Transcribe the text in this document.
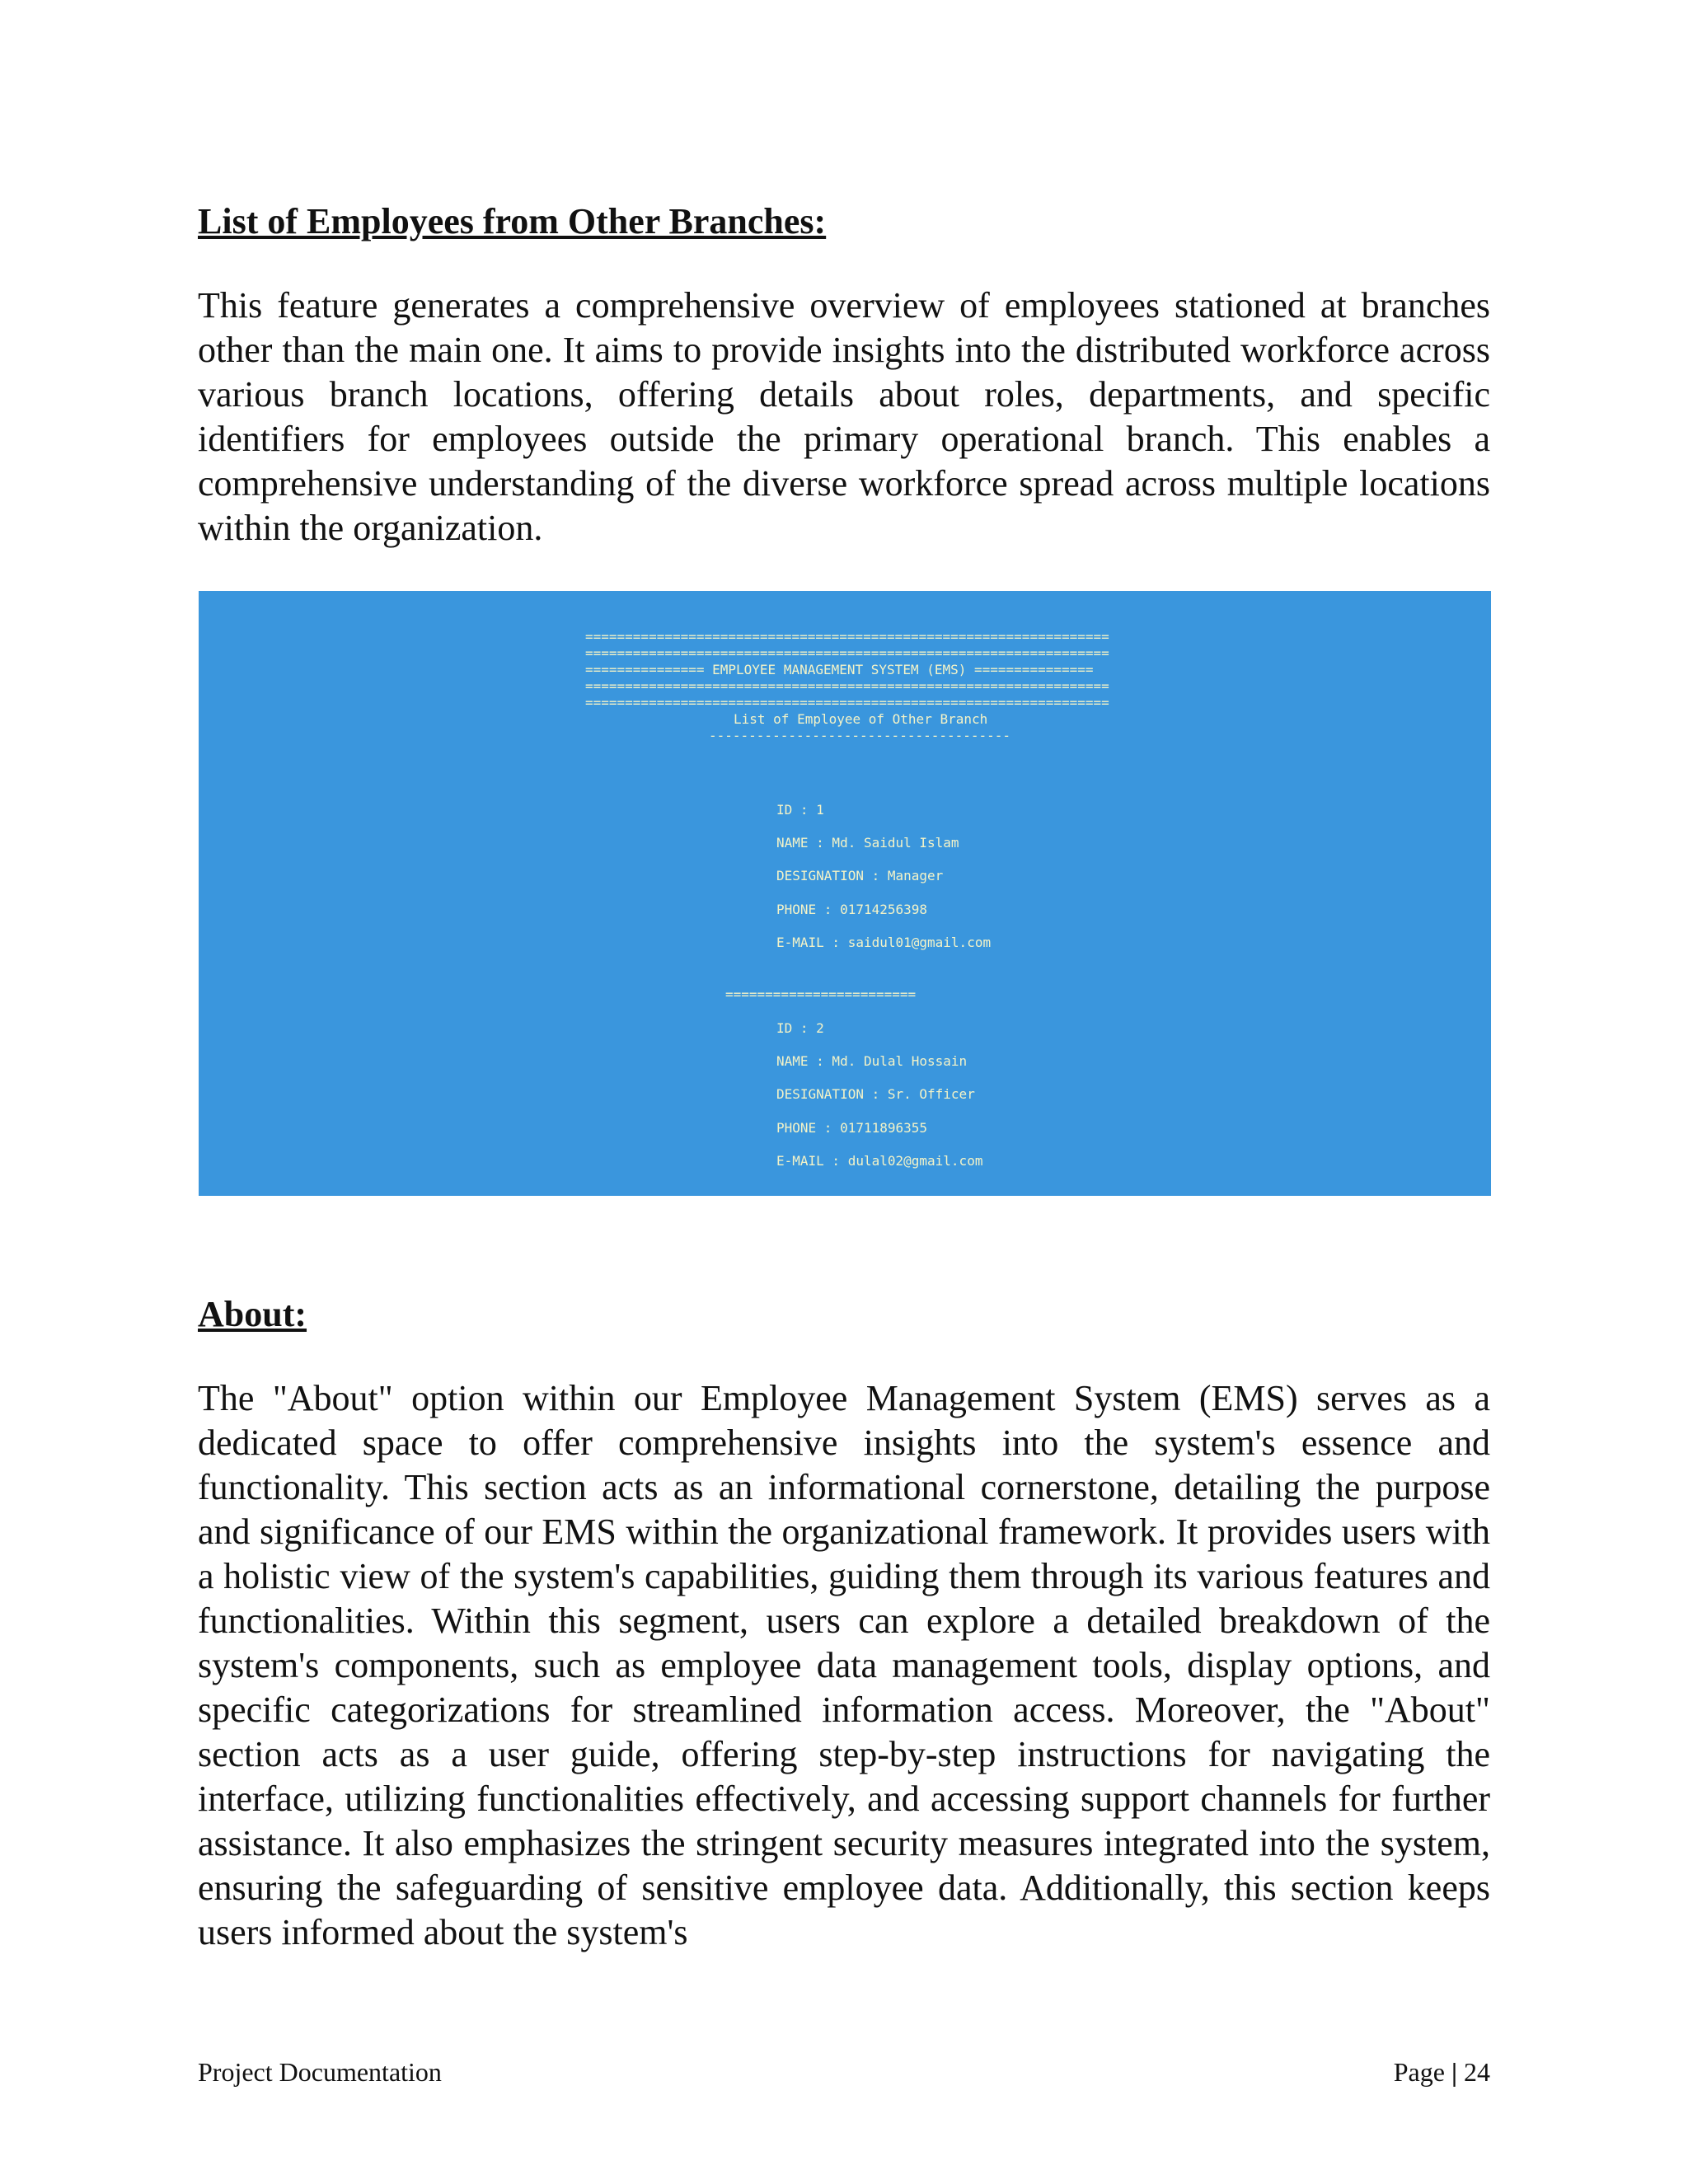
List of Employees from Other Branches:

This feature generates a comprehensive overview of employees stationed at branches other than the main one. It aims to provide insights into the distributed workforce across various branch locations, offering details about roles, departments, and specific identifiers for employees outside the primary operational branch. This enables a comprehensive understanding of the diverse workforce spread across multiple locations within the organization.

==================================================================
==================================================================
=============== EMPLOYEE MANAGEMENT SYSTEM (EMS) ===============
==================================================================
==================================================================
List of Employee of Other Branch
--------------------------------------
ID : 1
NAME : Md. Saidul Islam
DESIGNATION : Manager
PHONE : 01714256398
E-MAIL : saidul01@gmail.com
========================
ID : 2
NAME : Md. Dulal Hossain
DESIGNATION : Sr. Officer
PHONE : 01711896355
E-MAIL : dulal02@gmail.com
About:

The "About" option within our Employee Management System (EMS) serves as a dedicated space to offer comprehensive insights into the system's essence and functionality. This section acts as an informational cornerstone, detailing the purpose and significance of our EMS within the organizational framework. It provides users with a holistic view of the system's capabilities, guiding them through its various features and functionalities. Within this segment, users can explore a detailed breakdown of the system's components, such as employee data management tools, display options, and specific categorizations for streamlined information access. Moreover, the "About" section acts as a user guide, offering step-by-step instructions for navigating the interface, utilizing functionalities effectively, and accessing support channels for further assistance. It also emphasizes the stringent security measures integrated into the system, ensuring the safeguarding of sensitive employee data. Additionally, this section keeps users informed about the system's

Project Documentation	Page | 24
